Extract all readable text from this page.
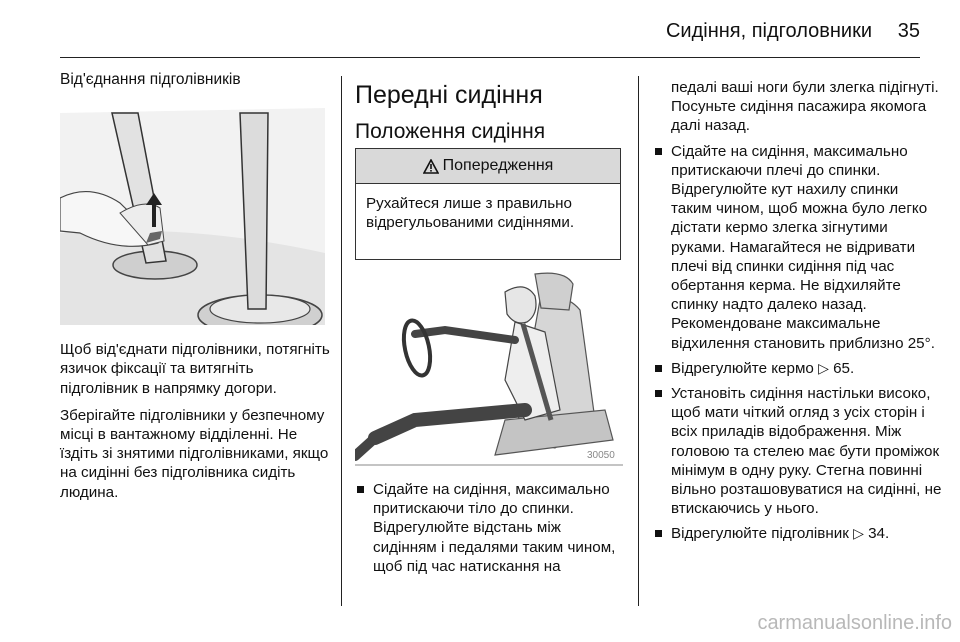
Сидіння, підголовники 35

Від'єднання підголівників

Щоб від'єднати підголівники, потягніть язичок фіксації та витягніть підголівник в напрямку догори.

Зберігайте підголівники у безпечному місці в вантажному відділенні. Не їздіть зі знятими підголівниками, якщо на сидінні без підголівника сидіть людина.

Передні сидіння
Положення сидіння
Попередження
Рухайтеся лише з правильно відрегульованими сидіннями.
30050
Сідайте на сидіння, максимально притискаючи тіло до спинки. Відрегулюйте відстань між сидінням і педалями таким чином, щоб під час натискання на

педалі ваші ноги були злегка підігнуті. Посуньте сидіння пасажира якомога далі назад.

Сідайте на сидіння, максимально притискаючи плечі до спинки. Відрегулюйте кут нахилу спинки таким чином, щоб можна було легко дістати кермо злегка зігнутими руками. Намагайтеся не відривати плечі від спинки сидіння під час обертання керма. Не відхиляйте спинку надто далеко назад. Рекомендоване максимальне відхилення становить приблизно 25°.
Відрегулюйте кермо ▷ 65.
Установіть сидіння настільки високо, щоб мати чіткий огляд з усіх сторін і всіх приладів відображення. Між головою та стелею має бути проміжок мінімум в одну руку. Стегна повинні вільно розташовуватися на сидінні, не втискаючись у нього.
Відрегулюйте підголівник ▷ 34.
carmanualsonline.info
